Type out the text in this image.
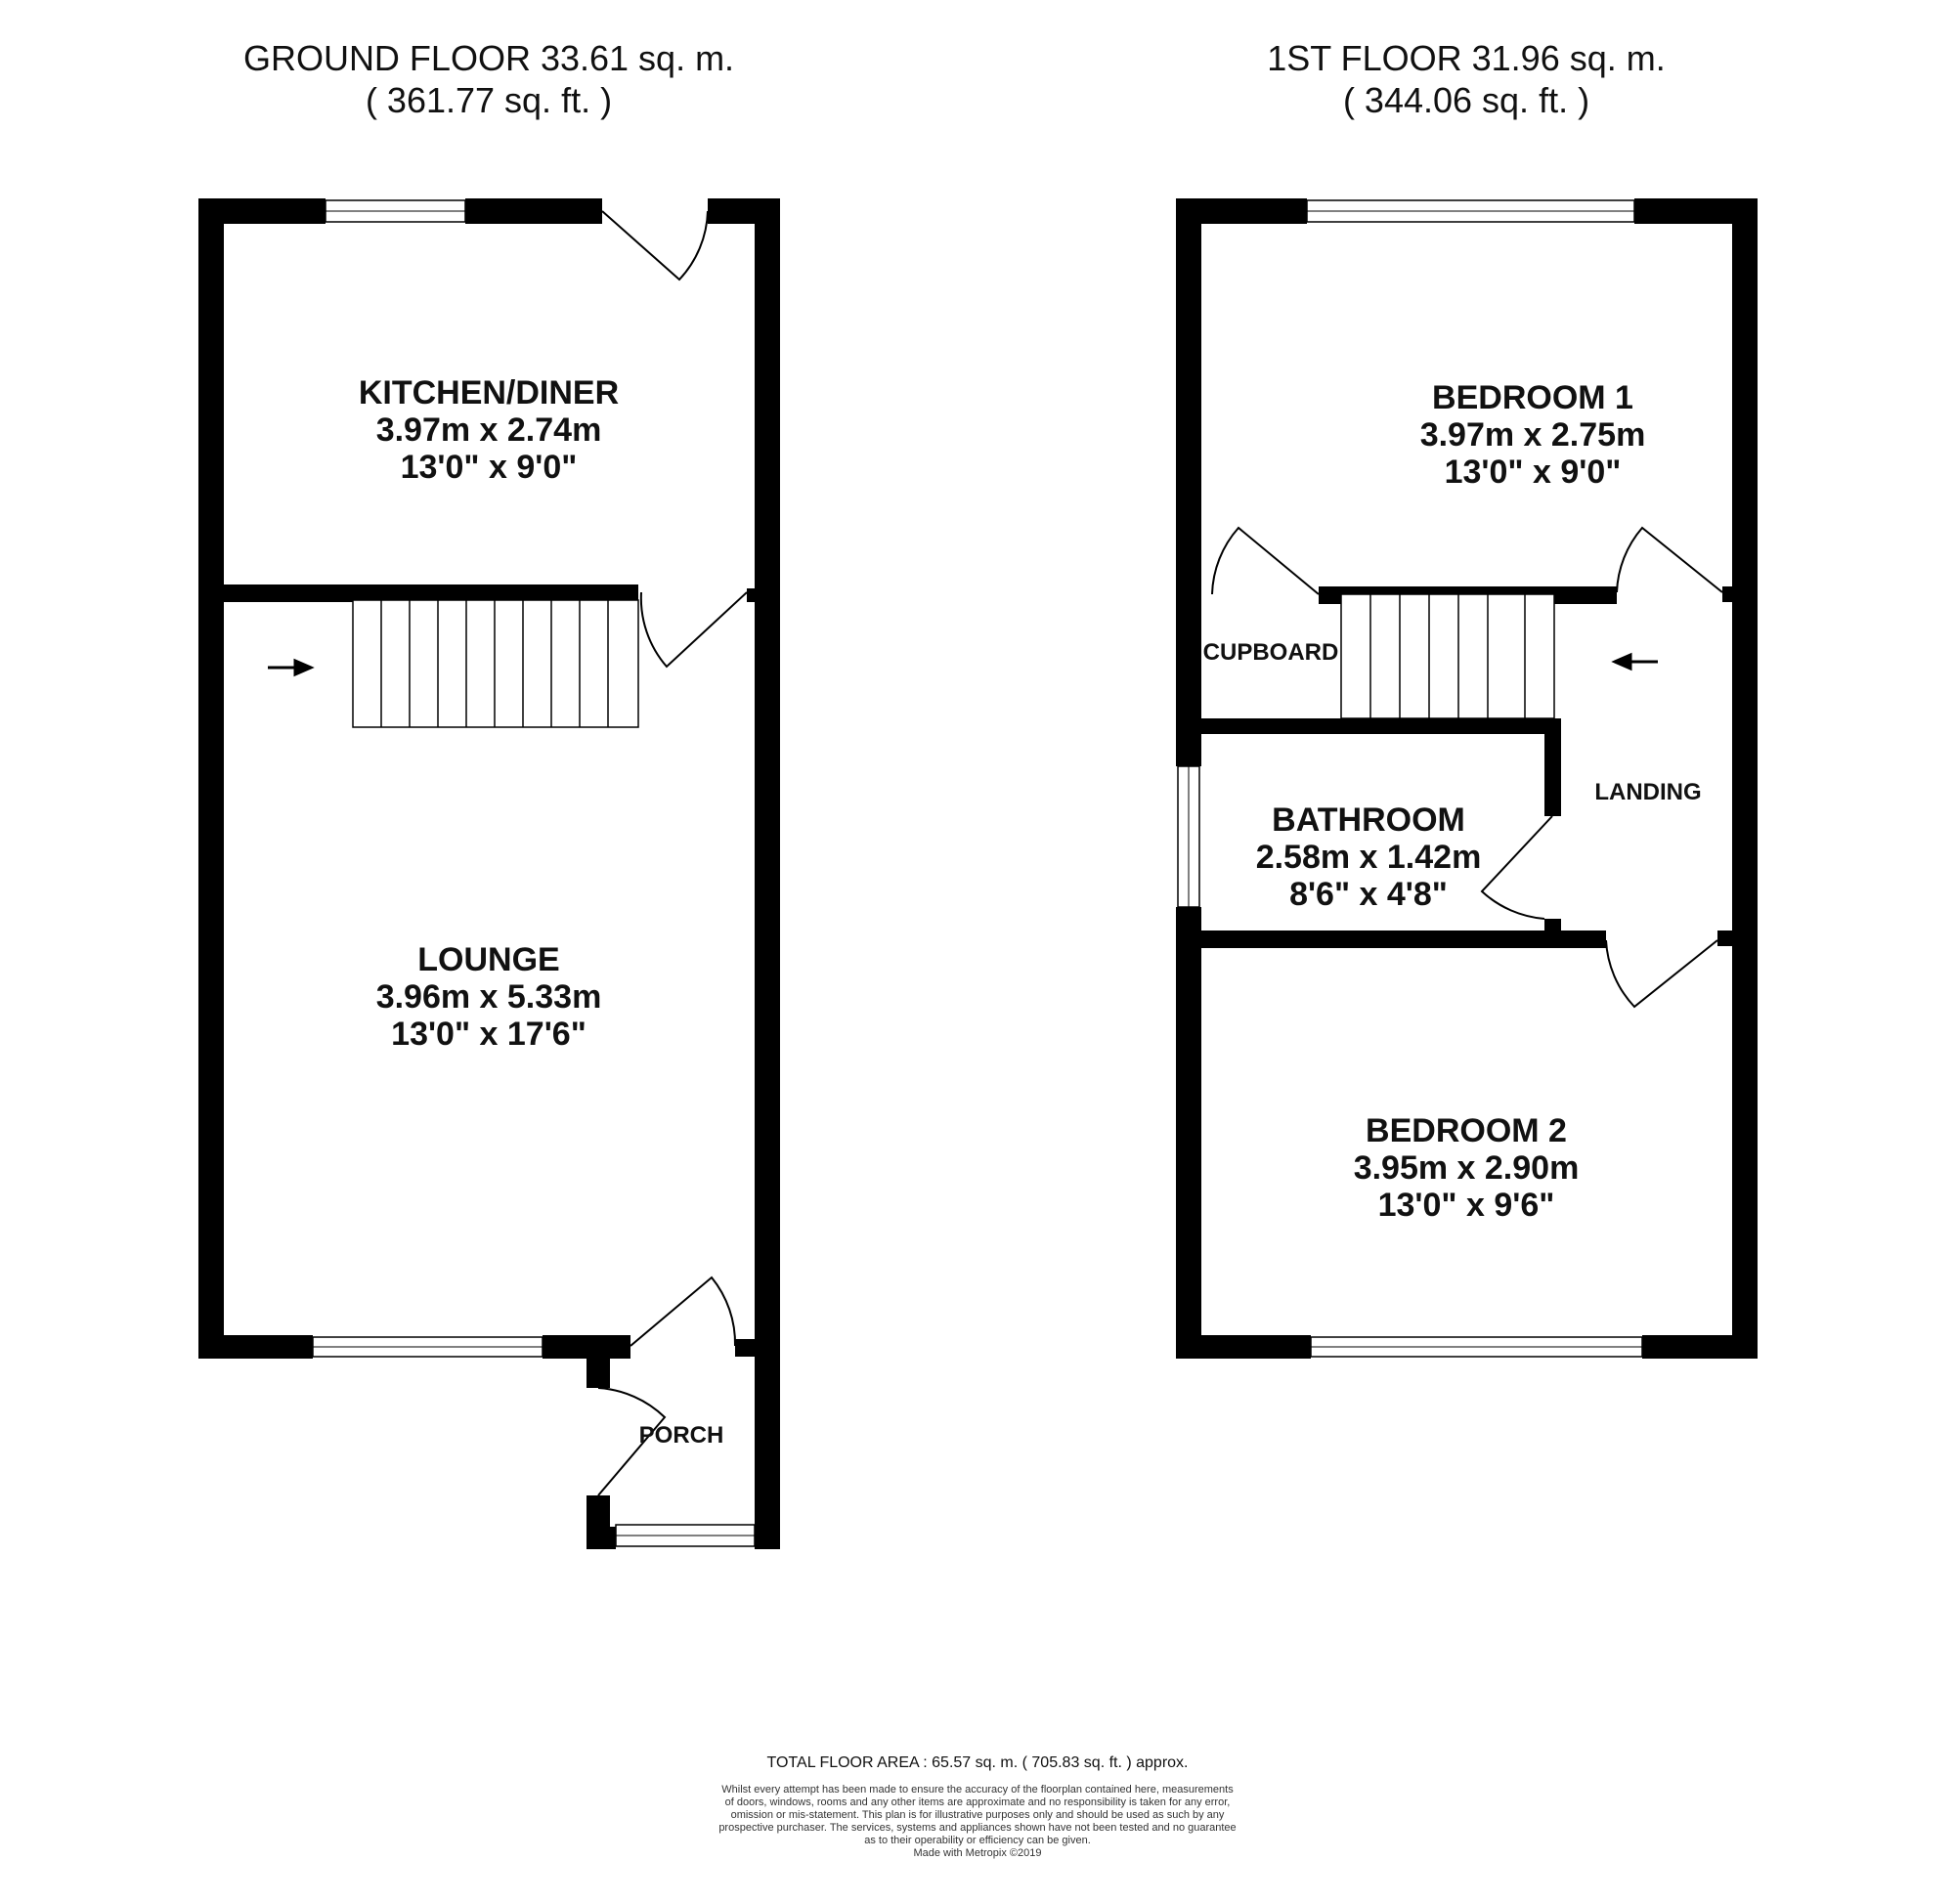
GROUND FLOOR 33.61 sq. m.
( 361.77 sq. ft. )
KITCHEN/DINER
3.97m x 2.74m
13'0" x 9'0"
LOUNGE
3.96m x 5.33m
13'0" x 17'6"
PORCH
1ST FLOOR 31.96 sq. m.
( 344.06 sq. ft. )
BEDROOM 1
3.97m x 2.75m
13'0" x 9'0"
CUPBOARD
LANDING
BATHROOM
2.58m x 1.42m
8'6" x 4'8"
BEDROOM 2
3.95m x 2.90m
13'0" x 9'6"
TOTAL FLOOR AREA : 65.57 sq. m. ( 705.83 sq. ft. ) approx.
Whilst every attempt has been made to ensure the accuracy of the floorplan contained here, measurements
of doors, windows, rooms and any other items are approximate and no responsibility is taken for any error,
omission or mis-statement. This plan is for illustrative purposes only and should be used as such by any
prospective purchaser. The services, systems and appliances shown have not been tested and no guarantee
as to their operability or efficiency can be given.
Made with Metropix ©2019
